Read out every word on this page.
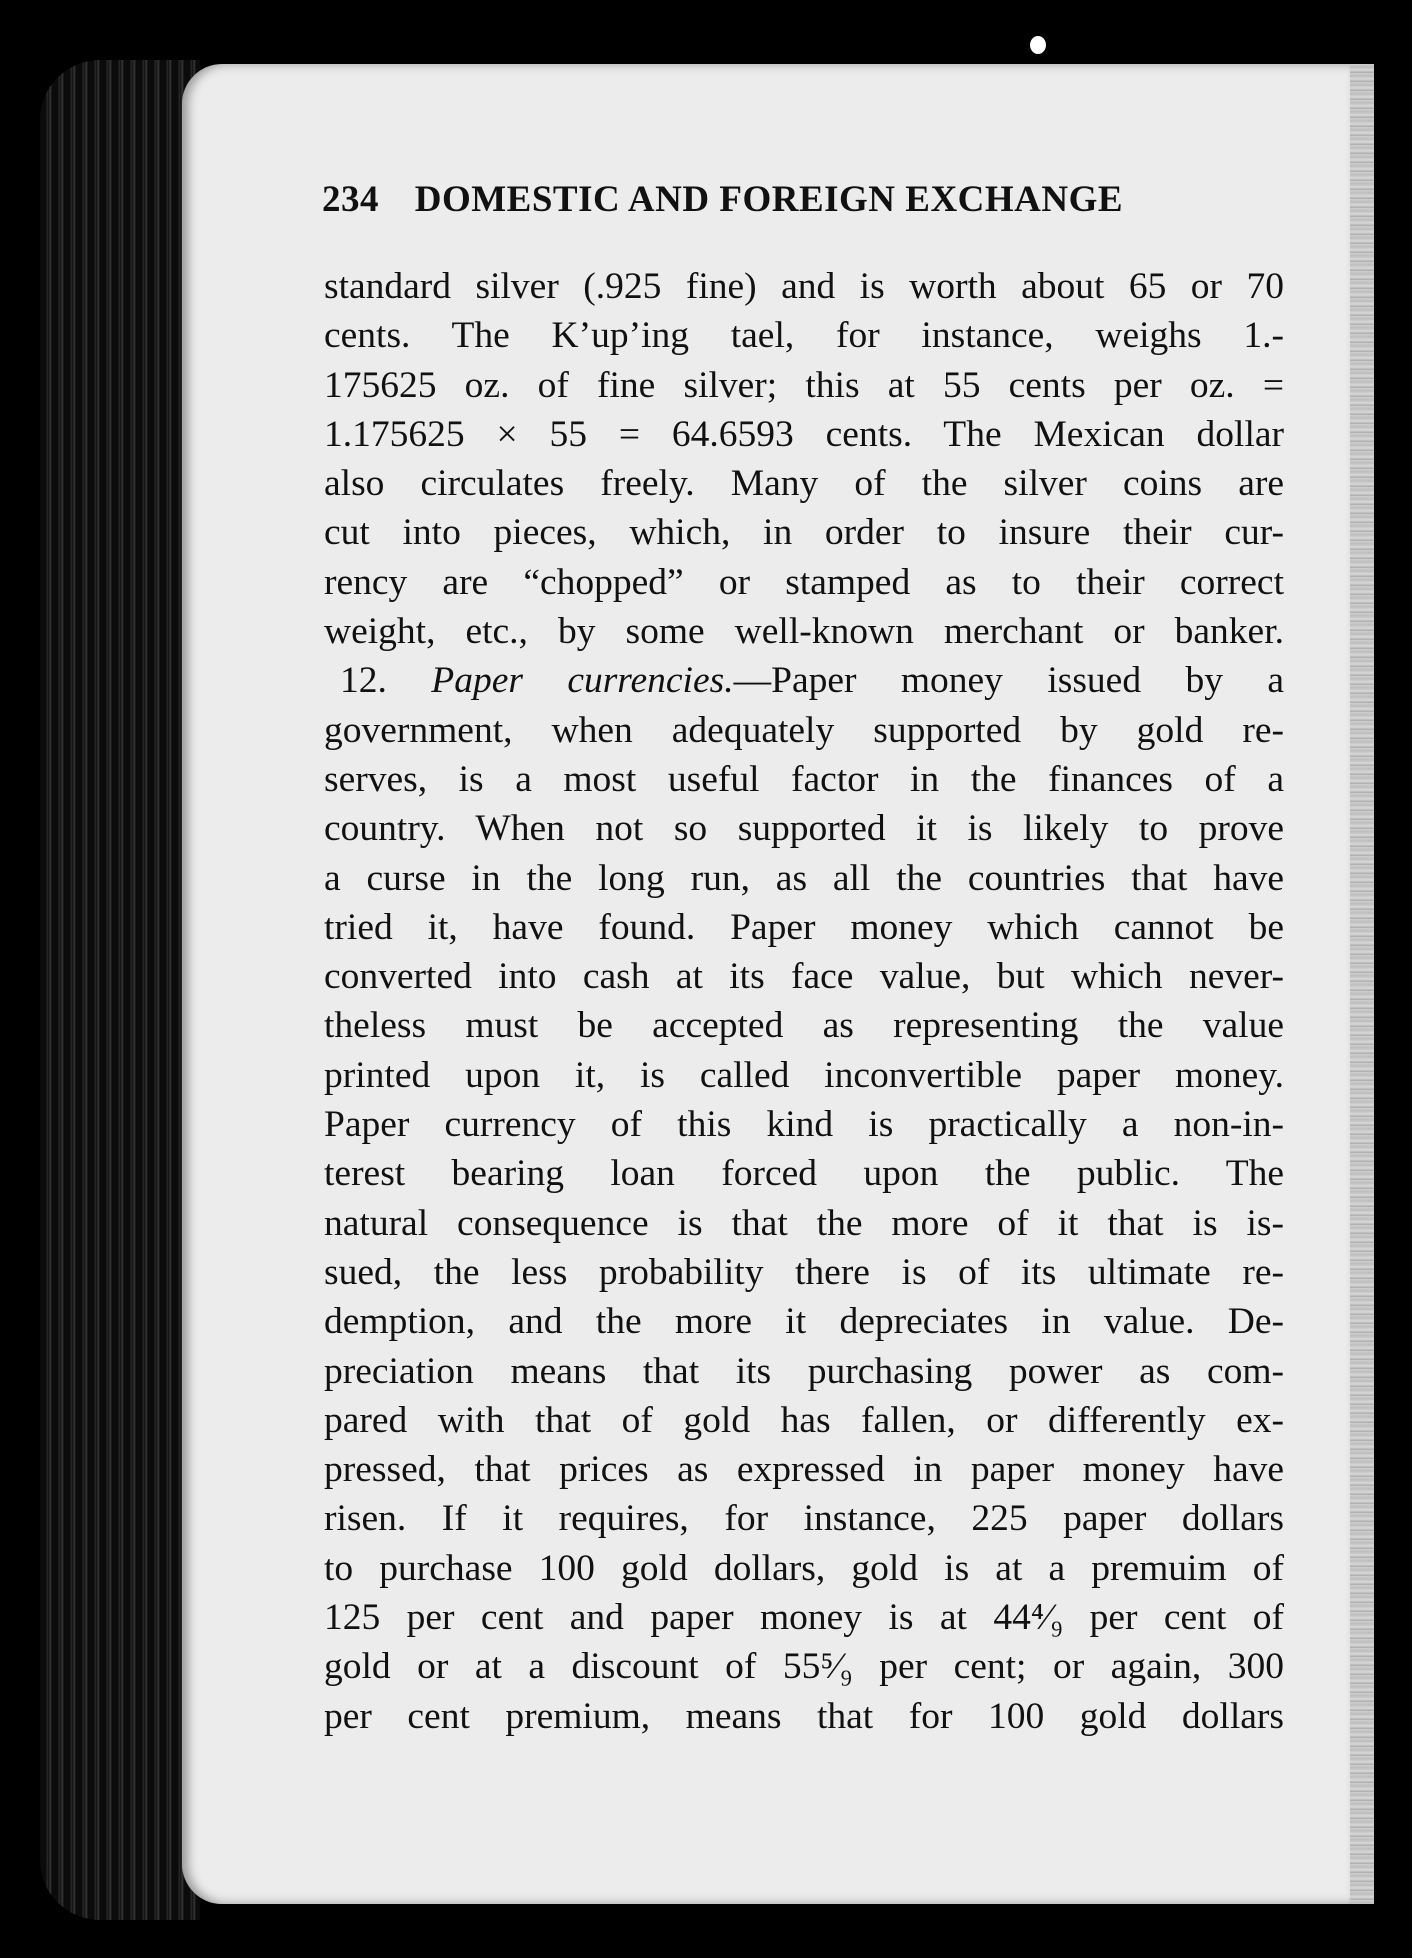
234 DOMESTIC AND FOREIGN EXCHANGE
standard silver (.925 fine) and is worth about 65 or 70
cents. The K’up’ing tael, for instance, weighs 1.-
175625 oz. of fine silver; this at 55 cents per oz. =
1.175625 × 55 = 64.6593 cents. The Mexican dollar
also circulates freely. Many of the silver coins are
cut into pieces, which, in order to insure their cur-
rency are “chopped” or stamped as to their correct
weight, etc., by some well-known merchant or banker.
12. Paper currencies.—Paper money issued by a
government, when adequately supported by gold re-
serves, is a most useful factor in the finances of a
country. When not so supported it is likely to prove
a curse in the long run, as all the countries that have
tried it, have found. Paper money which cannot be
converted into cash at its face value, but which never-
theless must be accepted as representing the value
printed upon it, is called inconvertible paper money.
Paper currency of this kind is practically a non-in-
terest bearing loan forced upon the public. The
natural consequence is that the more of it that is is-
sued, the less probability there is of its ultimate re-
demption, and the more it depreciates in value. De-
preciation means that its purchasing power as com-
pared with that of gold has fallen, or differently ex-
pressed, that prices as expressed in paper money have
risen. If it requires, for instance, 225 paper dollars
to purchase 100 gold dollars, gold is at a premuim of
125 per cent and paper money is at 44⁴⁄₉ per cent of
gold or at a discount of 55⁵⁄₉ per cent; or again, 300
per cent premium, means that for 100 gold dollars
